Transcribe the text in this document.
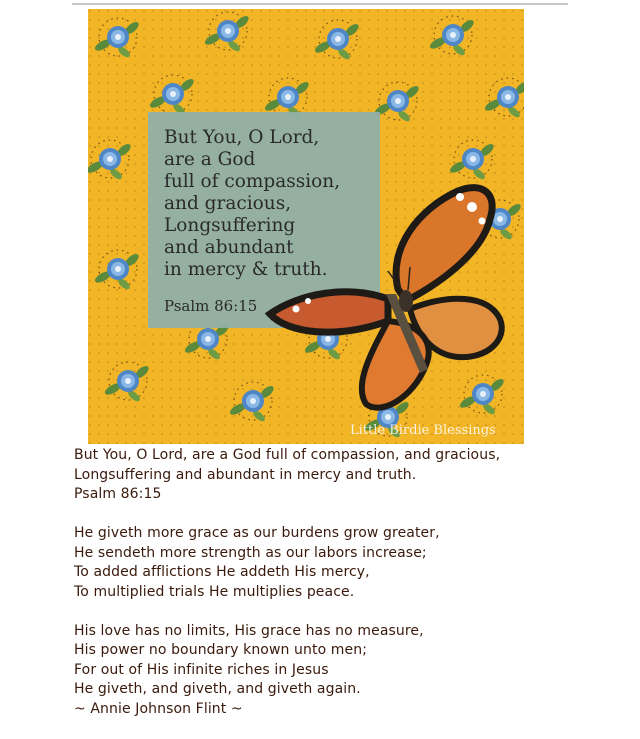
But You, O Lord, are a God full of compassion, and gracious, Longsuffering and abundant in mercy & truth.
Psalm 86:15
Little Birdie Blessings

But You, O Lord, are a God full of compassion, and gracious,

Longsuffering and abundant in mercy and truth.

Psalm 86:15

He giveth more grace as our burdens grow greater,

He sendeth more strength as our labors increase;

To added afflictions He addeth His mercy,

To multiplied trials He multiplies peace.

His love has no limits, His grace has no measure,

His power no boundary known unto men;

For out of His infinite riches in Jesus

He giveth, and giveth, and giveth again.

~ Annie Johnson Flint ~
